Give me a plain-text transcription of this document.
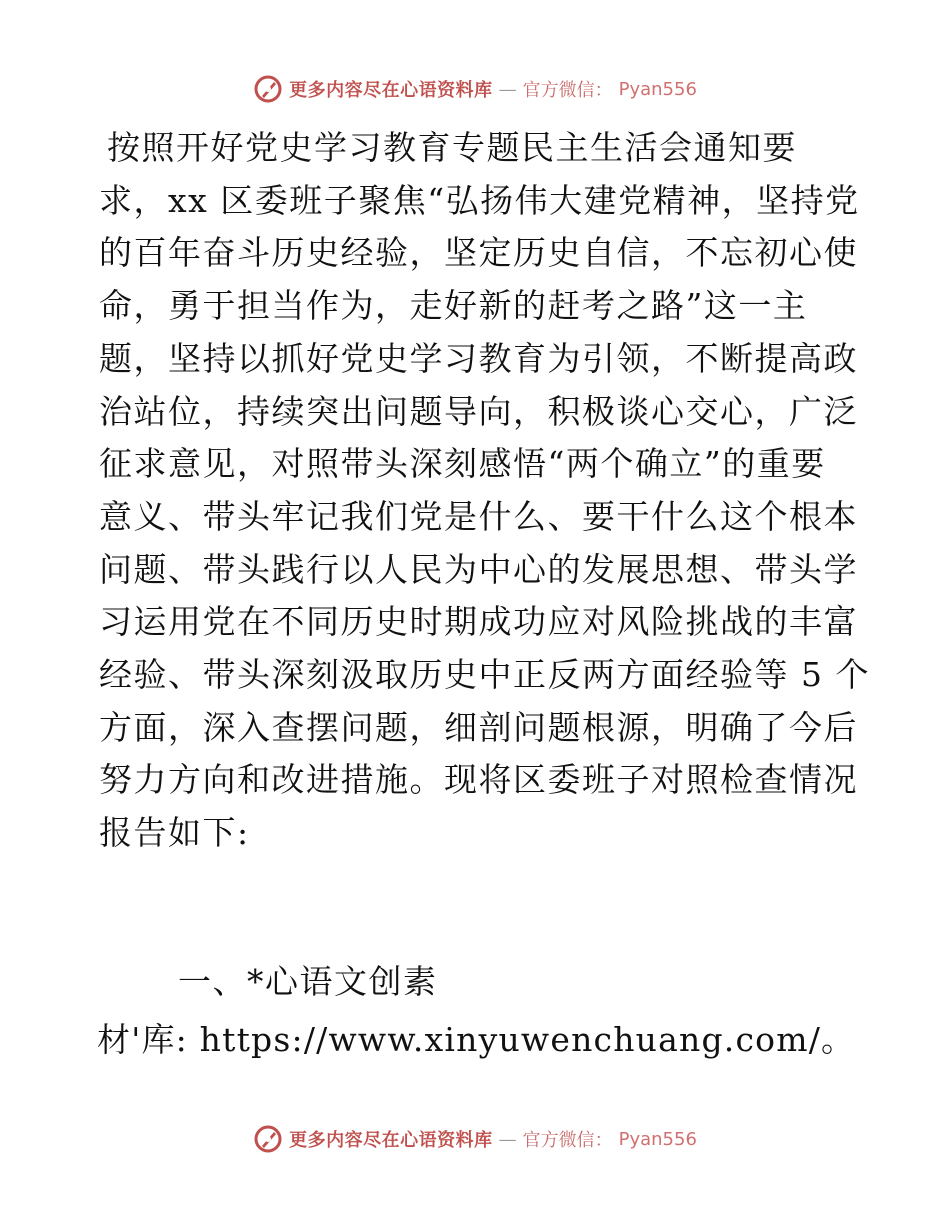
更多内容尽在心语资料库 — 官方微信： Pyan556
按照开好党史学习教育专题民主生活会通知要
求，xx 区委班子聚焦“弘扬伟大建党精神，坚持党
的百年奋斗历史经验，坚定历史自信，不忘初心使
命，勇于担当作为，走好新的赶考之路”这一主
题，坚持以抓好党史学习教育为引领，不断提高政
治站位，持续突出问题导向，积极谈心交心，广泛
征求意见，对照带头深刻感悟“两个确立”的重要
意义、带头牢记我们党是什么、要干什么这个根本
问题、带头践行以人民为中心的发展思想、带头学
习运用党在不同历史时期成功应对风险挑战的丰富
经验、带头深刻汲取历史中正反两方面经验等 5 个
方面，深入查摆问题，细剖问题根源，明确了今后
努力方向和改进措施。现将区委班子对照检查情况
报告如下:
一、*心语文创素
材'库: https://www.xinyuwenchuang.com/。
更多内容尽在心语资料库 — 官方微信： Pyan556
